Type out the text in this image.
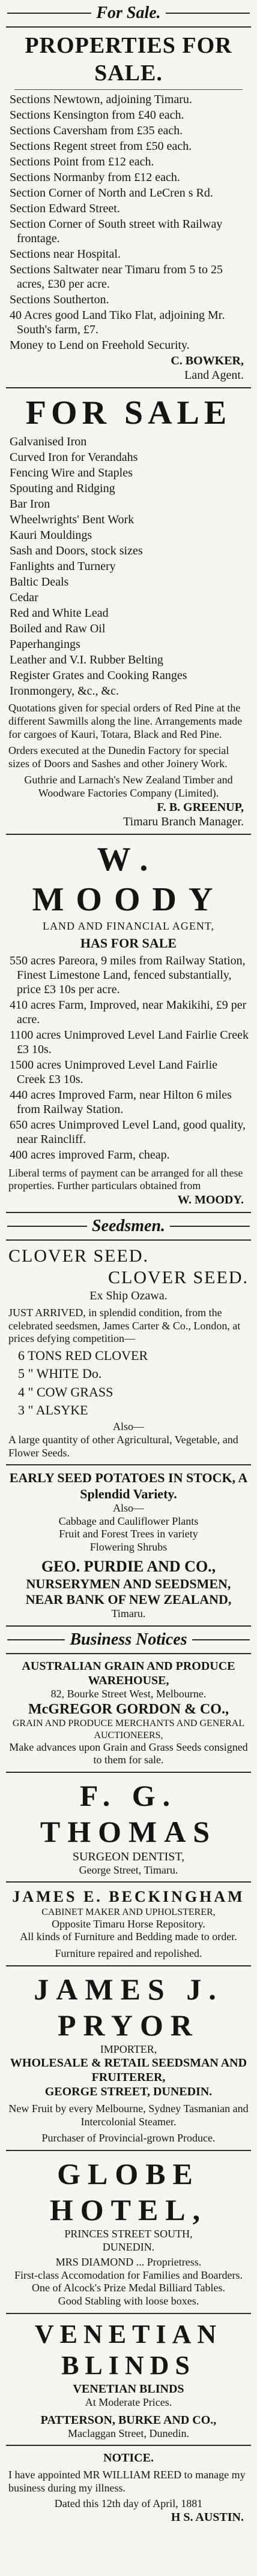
For Sale.
PROPERTIES FOR SALE.
Sections Newtown, adjoining Timaru.
Sections Kensington from £40 each.
Sections Caversham from £35 each.
Sections Regent street from £50 each.
Sections Point from £12 each.
Sections Normanby from £12 each.
Section Corner of North and LeCren s Rd.
Section Edward Street.
Section Corner of South street with Railway frontage.
Sections near Hospital.
Sections Saltwater near Timaru from 5 to 25 acres, £30 per acre.
Sections Southerton.
40 Acres good Land Tiko Flat, adjoining Mr. South's farm, £7.
Money to Lend on Freehold Security.
C. BOWKER,
Land Agent.
FOR SALE
Galvanised Iron
Curved Iron for Verandahs
Fencing Wire and Staples
Spouting and Ridging
Bar Iron
Wheelwrights' Bent Work
Kauri Mouldings
Sash and Doors, stock sizes
Fanlights and Turnery
Baltic Deals
Cedar
Red and White Lead
Boiled and Raw Oil
Paperhangings
Leather and V.I. Rubber Belting
Register Grates and Cooking Ranges
Ironmongery, &c., &c.
Quotations given for special orders of Red Pine at the different Sawmills along the line. Arrangements made for cargoes of Kauri, Totara, Black and Red Pine.
Orders executed at the Dunedin Factory for special sizes of Doors and Sashes and other Joinery Work.
Guthrie and Larnach's New Zealand Timber and Woodware Factories Company (Limited).
F. B. GREENUP,
Timaru Branch Manager.
W. MOODY
LAND AND FINANCIAL AGENT,
HAS FOR SALE
550 acres Pareora, 9 miles from Railway Station, Finest Limestone Land, fenced substantially, price £3 10s per acre.
410 acres Farm, Improved, near Makikihi, £9 per acre.
1100 acres Unimproved Level Land Fairlie Creek £3 10s.
1500 acres Unimproved Level Land Fairlie Creek £3 10s.
440 acres Improved Farm, near Hilton 6 miles from Railway Station.
650 acres Unimproved Level Land, good quality, near Raincliff.
400 acres improved Farm, cheap.
Liberal terms of payment can be arranged for all these properties. Further particulars obtained from
W. MOODY.
Seedsmen.
CLOVER SEED.
CLOVER SEED.
Ex Ship Ozawa.
JUST ARRIVED, in splendid condition, from the celebrated seedsmen, James Carter & Co., London, at prices defying competition—
6 TONS RED CLOVER
5 " WHITE Do.
4 " COW GRASS
3 " ALSYKE
Also—
A large quantity of other Agricultural, Vegetable, and Flower Seeds.
EARLY SEED POTATOES IN STOCK, A Splendid Variety.
Also—
Cabbage and Cauliflower Plants
Fruit and Forest Trees in variety
Flowering Shrubs
GEO. PURDIE AND CO.,
NURSERYMEN AND SEEDSMEN,
NEAR BANK OF NEW ZEALAND,
Timaru.
Business Notices
AUSTRALIAN GRAIN AND PRODUCE WAREHOUSE,
82, Bourke Street West, Melbourne.
McGREGOR GORDON & CO.,
GRAIN AND PRODUCE MERCHANTS AND GENERAL AUCTIONEERS,
Make advances upon Grain and Grass Seeds consigned to them for sale.
F. G. THOMAS
SURGEON DENTIST,
George Street, Timaru.
JAMES E. BECKINGHAM
CABINET MAKER AND UPHOLSTERER,
Opposite Timaru Horse Repository.
All kinds of Furniture and Bedding made to order.
Furniture repaired and repolished.
JAMES J. PRYOR
IMPORTER,
WHOLESALE & RETAIL SEEDSMAN AND FRUITERER,
GEORGE STREET, DUNEDIN.
New Fruit by every Melbourne, Sydney Tasmanian and Intercolonial Steamer.
Purchaser of Provincial-grown Produce.
GLOBE HOTEL,
PRINCES STREET SOUTH,
DUNEDIN.
MRS DIAMOND ... Proprietress.
First-class Accomodation for Families and Boarders.
One of Alcock's Prize Medal Billiard Tables.
Good Stabling with loose boxes.
VENETIAN BLINDS
VENETIAN BLINDS
At Moderate Prices.
PATTERSON, BURKE AND CO.,
Maclaggan Street, Dunedin.
NOTICE.
I have appointed MR WILLIAM REED to manage my business during my illness.
Dated this 12th day of April, 1881
H S. AUSTIN.
